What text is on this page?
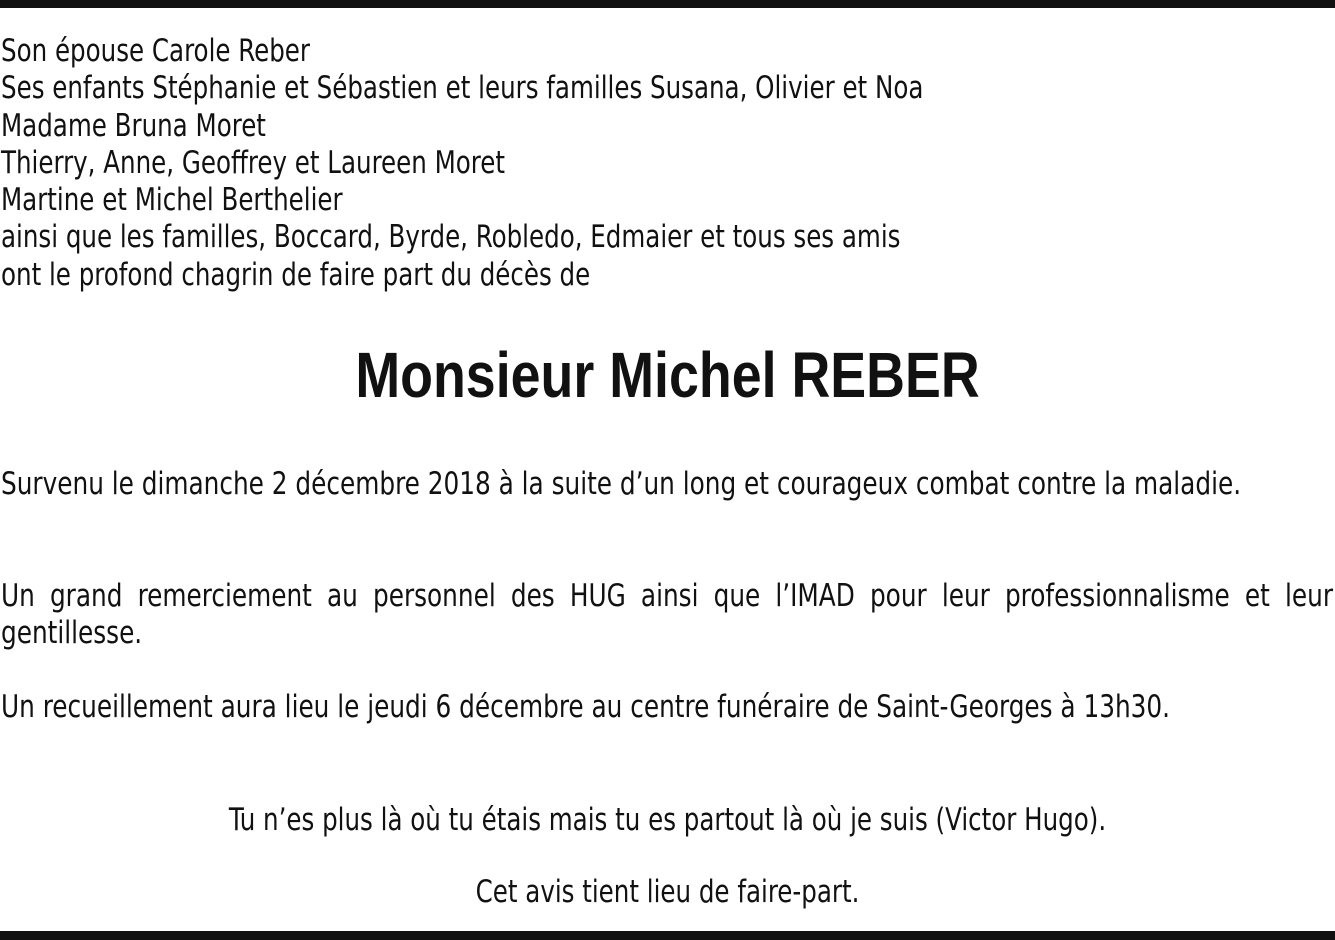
Son épouse Carole Reber
Ses enfants Stéphanie et Sébastien et leurs familles Susana, Olivier et Noa
Madame Bruna Moret
Thierry, Anne, Geoffrey et Laureen Moret
Martine et Michel Berthelier
ainsi que les familles, Boccard, Byrde, Robledo, Edmaier et tous ses amis
ont le profond chagrin de faire part du décès de
Monsieur Michel REBER

Survenu le dimanche 2 décembre 2018 à la suite d’un long et courageux combat contre la maladie.

Un grand remerciement au personnel des HUG ainsi que l’IMAD pour leur professionnalisme et leur gentillesse.

Un recueillement aura lieu le jeudi 6 décembre au centre funéraire de Saint-Georges à 13h30.

Tu n’es plus là où tu étais mais tu es partout là où je suis (Victor Hugo).

Cet avis tient lieu de faire-part.
